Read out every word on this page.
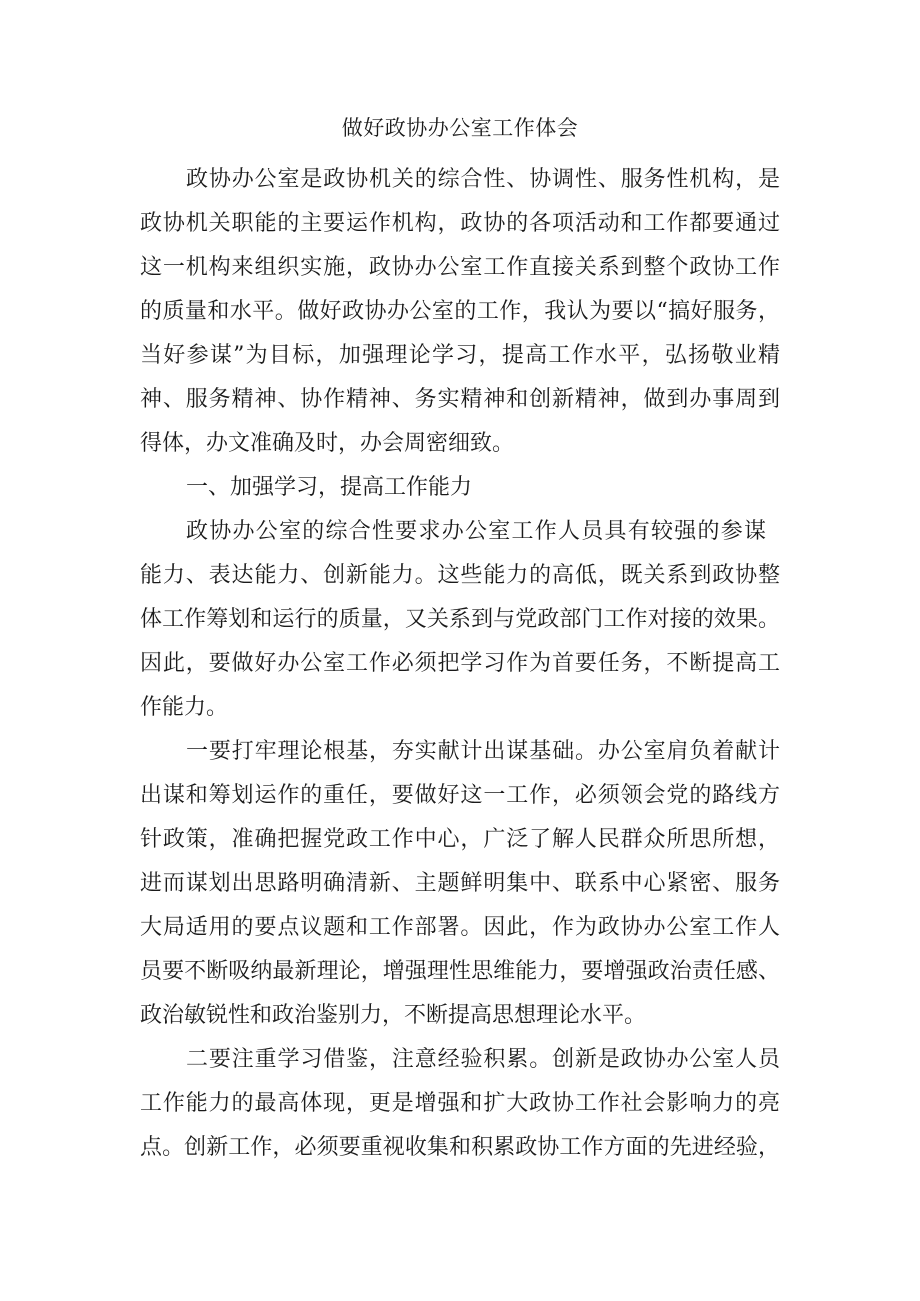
做好政协办公室工作体会
政协办公室是政协机关的综合性、协调性、服务性机构，是
政协机关职能的主要运作机构，政协的各项活动和工作都要通过
这一机构来组织实施，政协办公室工作直接关系到整个政协工作
的质量和水平。做好政协办公室的工作，我认为要以“搞好服务，
当好参谋”为目标，加强理论学习，提高工作水平，弘扬敬业精
神、服务精神、协作精神、务实精神和创新精神，做到办事周到
得体，办文准确及时，办会周密细致。
一、加强学习，提高工作能力
政协办公室的综合性要求办公室工作人员具有较强的参谋
能力、表达能力、创新能力。这些能力的高低，既关系到政协整
体工作筹划和运行的质量，又关系到与党政部门工作对接的效果。
因此，要做好办公室工作必须把学习作为首要任务，不断提高工
作能力。
一要打牢理论根基，夯实献计出谋基础。办公室肩负着献计
出谋和筹划运作的重任，要做好这一工作，必须领会党的路线方
针政策，准确把握党政工作中心，广泛了解人民群众所思所想，
进而谋划出思路明确清新、主题鲜明集中、联系中心紧密、服务
大局适用的要点议题和工作部署。因此，作为政协办公室工作人
员要不断吸纳最新理论，增强理性思维能力，要增强政治责任感、
政治敏锐性和政治鉴别力，不断提高思想理论水平。
二要注重学习借鉴，注意经验积累。创新是政协办公室人员
工作能力的最高体现，更是增强和扩大政协工作社会影响力的亮
点。创新工作，必须要重视收集和积累政协工作方面的先进经验，
